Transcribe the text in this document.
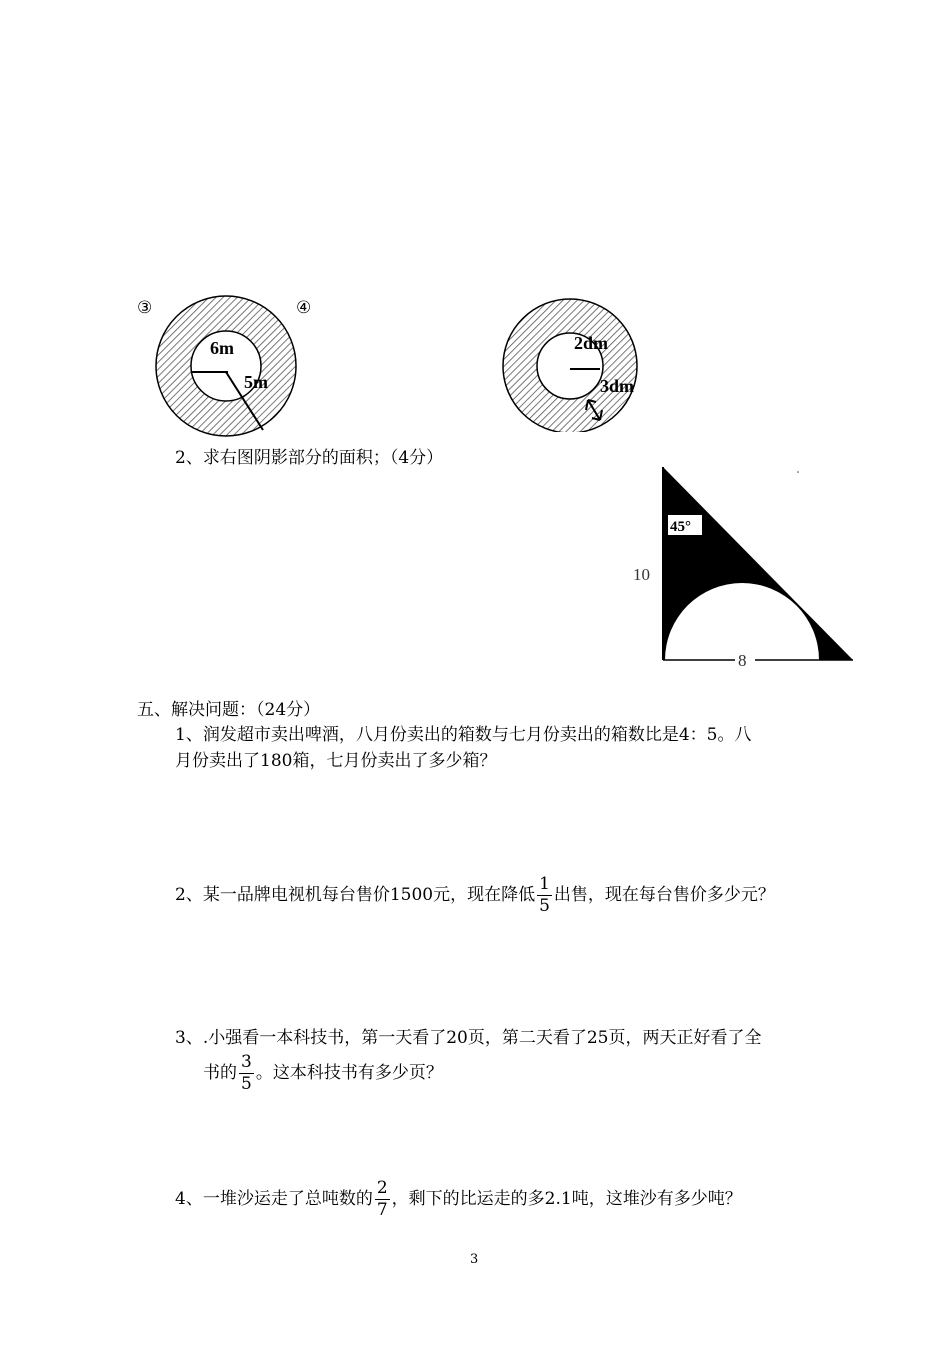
③	④
6m
5m
2dm
3dm
2、求右图阴影部分的面积；（4分）
45°
10
8
五、解决问题：（24分）
1、润发超市卖出啤酒，八月份卖出的箱数与七月份卖出的箱数比是4：5。八
月份卖出了180箱，七月份卖出了多少箱？
2、某一品牌电视机每台售价1500元，现在降低 $\frac{1}{5}$ 出售，现在每台售价多少元？
3、.小强看一本科技书，第一天看了20页，第二天看了25页，两天正好看了全
书的 $\frac{3}{5}$ 。这本科技书有多少页？
4、一堆沙运走了总吨数的 $\frac{2}{7}$ ，剩下的比运走的多2.1吨，这堆沙有多少吨？
3
